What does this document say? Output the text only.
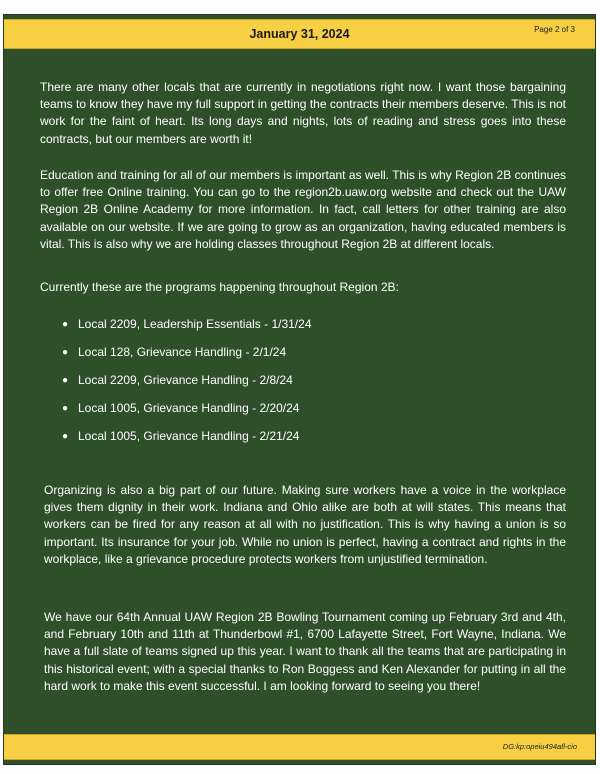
January 31, 2024	Page 2 of 3

There are many other locals that are currently in negotiations right now. I want those bargaining teams to know they have my full support in getting the contracts their members deserve. This is not work for the faint of heart. Its long days and nights, lots of reading and stress goes into these contracts, but our members are worth it!

Education and training for all of our members is important as well. This is why Region 2B continues to offer free Online training. You can go to the region2b.uaw.org website and check out the UAW Region 2B Online Academy for more information. In fact, call letters for other training are also available on our website. If we are going to grow as an organization, having educated members is vital. This is also why we are holding classes throughout Region 2B at different locals.

Currently these are the programs happening throughout Region 2B:

● Local 2209, Leadership Essentials - 1/31/24
● Local 128, Grievance Handling - 2/1/24
● Local 2209, Grievance Handling - 2/8/24
● Local 1005, Grievance Handling - 2/20/24
● Local 1005, Grievance Handling - 2/21/24

Organizing is also a big part of our future. Making sure workers have a voice in the workplace gives them dignity in their work. Indiana and Ohio alike are both at will states. This means that workers can be fired for any reason at all with no justification. This is why having a union is so important. Its insurance for your job. While no union is perfect, having a contract and rights in the workplace, like a grievance procedure protects workers from unjustified termination.

We have our 64th Annual UAW Region 2B Bowling Tournament coming up February 3rd and 4th, and February 10th and 11th at Thunderbowl #1, 6700 Lafayette Street, Fort Wayne, Indiana. We have a full slate of teams signed up this year. I want to thank all the teams that are participating in this historical event; with a special thanks to Ron Boggess and Ken Alexander for putting in all the hard work to make this event successful. I am looking forward to seeing you there!

DG:kp:opeiu494afl-cio
